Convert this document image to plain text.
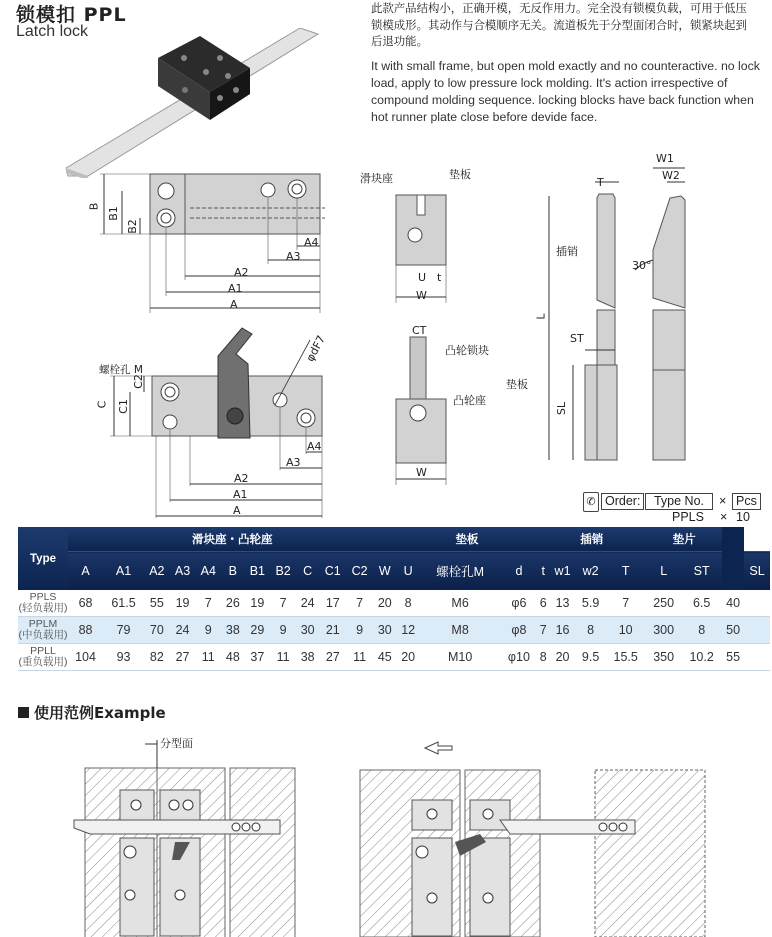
锁模扣 PPL
Latch lock
此款产品结构小，正确开模，无反作用力。完全没有锁模负载，可用于低压锁模成形。其动作与合模顺序无关。流道板先于分型面闭合时，锁紧块起到后退功能。
It with small frame, but open mold exactly and no counteractive. no lock load, apply to low pressure lock molding. It's action irrespective of compound molding sequence. locking blocks have back function when hot runner plate close before devide face.
B B1
B2
A4
A3
A2
A1
A
螺栓孔 M
C C1
C2
φdF7
A4
A3
A2
A1
A
滑块座	垫板
U t
W
CT
凸轮锁块
凸轮座
W
T
W1
W2
30°
插销
L
ST
垫板
SL
✆ Order:	Type No.	× Pcs
PPLS × 10
Type	滑块座・凸轮座												垫板			插销				垫片			
	A	A1	A2	A3	A4	B	B1	B2	C	C1	C2	W	U	螺栓孔M	d	t	w1	w2	T	L	ST		SL

PPLS
(轻负载用)	68	61.5	55	19	7	26	19	7	24	17	7	20	8	M6	φ6	6	13	5.9	7	250	6.5	40	

PPLM
(中负载用)	88	79	70	24	9	38	29	9	30	21	9	30	12	M8	φ8	7	16	8	10	300	8	50	

PPLL
(重负载用)	104	93	82	27	11	48	37	11	38	27	11	45	20	M10	φ10	8	20	9.5	15.5	350	10.2	55	
使用范例Example
分型面
